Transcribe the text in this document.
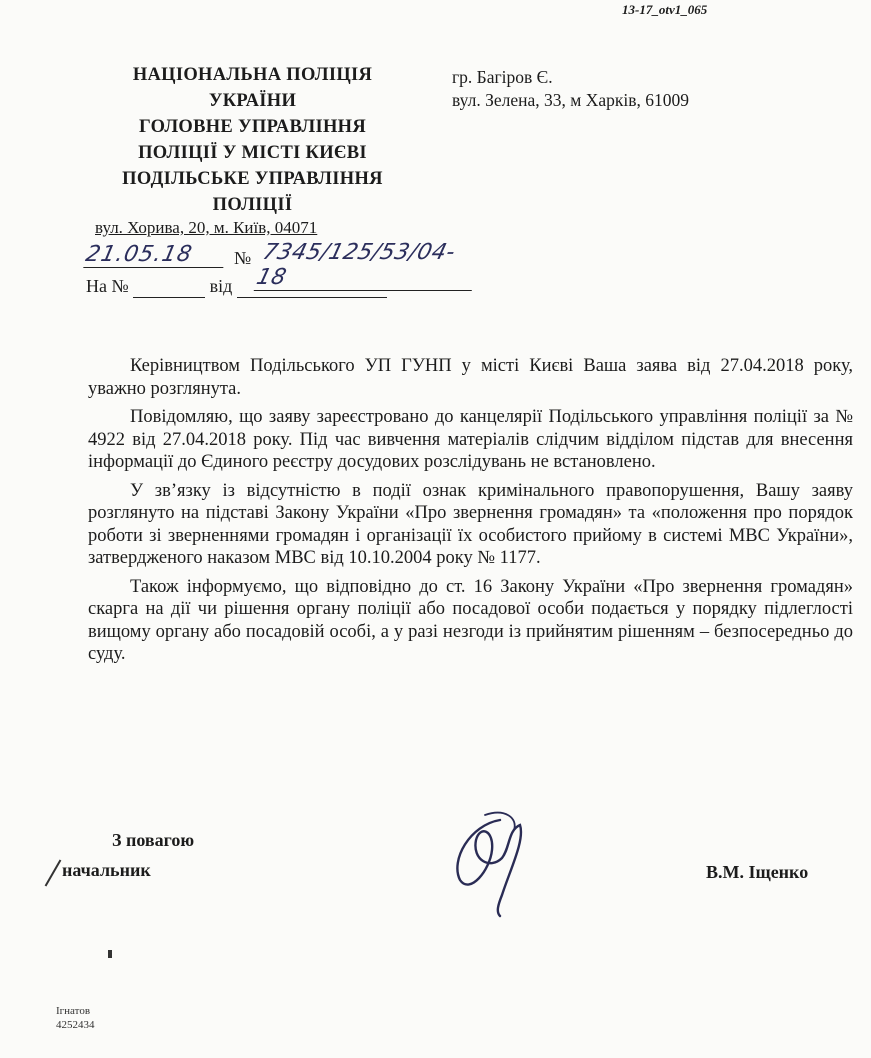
13-17_otv1_065
НАЦІОНАЛЬНА ПОЛІЦІЯ
УКРАЇНИ
ГОЛОВНЕ УПРАВЛІННЯ
ПОЛІЦІЇ У МІСТІ КИЄВІ
ПОДІЛЬСЬКЕ УПРАВЛІННЯ
ПОЛІЦІЇ
вул. Хорива, 20, м. Київ, 04071
гр. Багіров Є.
вул. Зелена, 33, м Харків, 61009
21.05.18	№ 7345/125/53/04-18
На №	від

Керівництвом Подільського УП ГУНП у місті Києві Ваша заява від 27.04.2018 року, уважно розглянута.

Повідомляю, що заяву зареєстровано до канцелярії Подільського управління поліції за № 4922 від 27.04.2018 року. Під час вивчення матеріалів слідчим відділом підстав для внесення інформації до Єдиного реєстру досудових розслідувань не встановлено.

У зв’язку із відсутністю в події ознак кримінального правопорушення, Вашу заяву розглянуто на підставі Закону України «Про звернення громадян» та «положення про порядок роботи зі зверненнями громадян і організації їх особистого прийому в системі МВС України», затвердженого наказом МВС від 10.10.2004 року № 1177.

Також інформуємо, що відповідно до ст. 16 Закону України «Про звернення громадян» скарга на дії чи рішення органу поліції або посадової особи подається у порядку підлеглості вищому органу або посадовій особі, а у разі незгоди із прийнятим рішенням – безпосередньо до суду.

З повагою
начальник	В.М. Іщенко
Ігнатов
4252434
